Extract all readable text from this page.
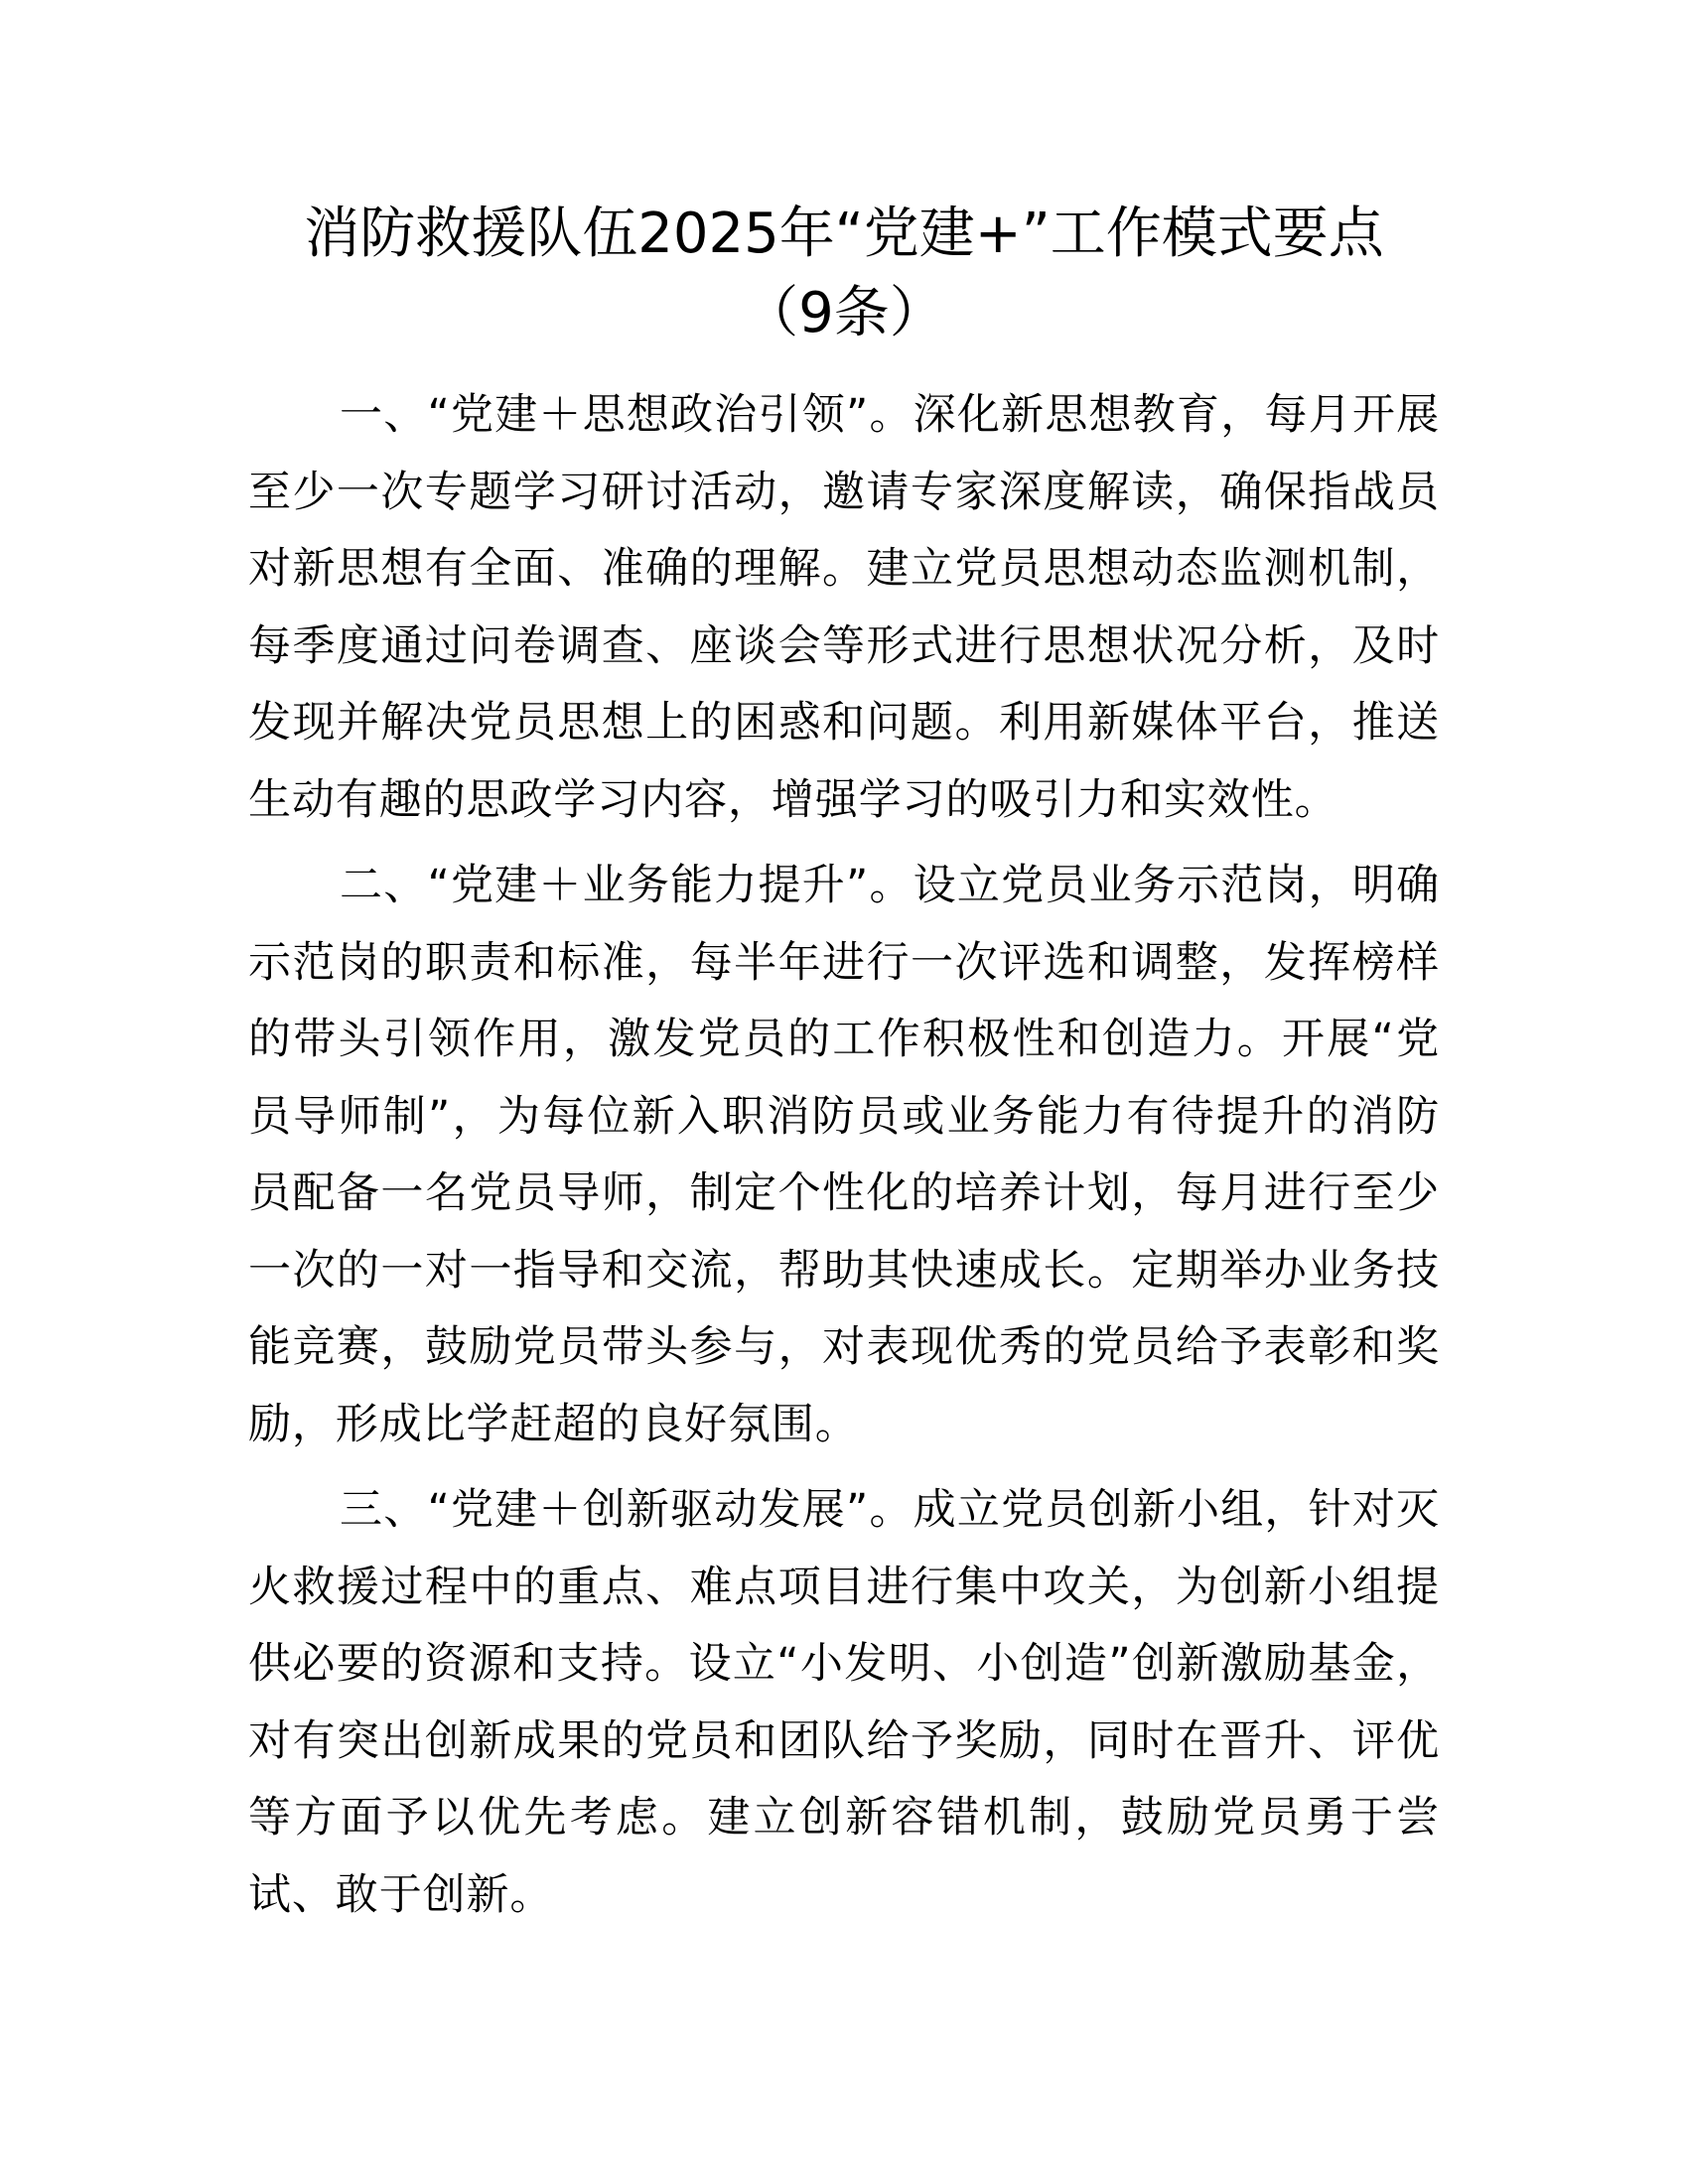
消防救援队伍2025年“党建+”工作模式要点
（9条）

一、“党建＋思想政治引领”。深化新思想教育，每月开展至少一次专题学习研讨活动，邀请专家深度解读，确保指战员对新思想有全面、准确的理解。建立党员思想动态监测机制，每季度通过问卷调查、座谈会等形式进行思想状况分析，及时发现并解决党员思想上的困惑和问题。利用新媒体平台，推送生动有趣的思政学习内容，增强学习的吸引力和实效性。

二、“党建＋业务能力提升”。设立党员业务示范岗，明确示范岗的职责和标准，每半年进行一次评选和调整，发挥榜样的带头引领作用，激发党员的工作积极性和创造力。开展“党员导师制”，为每位新入职消防员或业务能力有待提升的消防员配备一名党员导师，制定个性化的培养计划，每月进行至少一次的一对一指导和交流，帮助其快速成长。定期举办业务技能竞赛，鼓励党员带头参与，对表现优秀的党员给予表彰和奖励，形成比学赶超的良好氛围。

三、“党建＋创新驱动发展”。成立党员创新小组，针对灭火救援过程中的重点、难点项目进行集中攻关，为创新小组提供必要的资源和支持。设立“小发明、小创造”创新激励基金，对有突出创新成果的党员和团队给予奖励，同时在晋升、评优等方面予以优先考虑。建立创新容错机制，鼓励党员勇于尝试、敢于创新。
